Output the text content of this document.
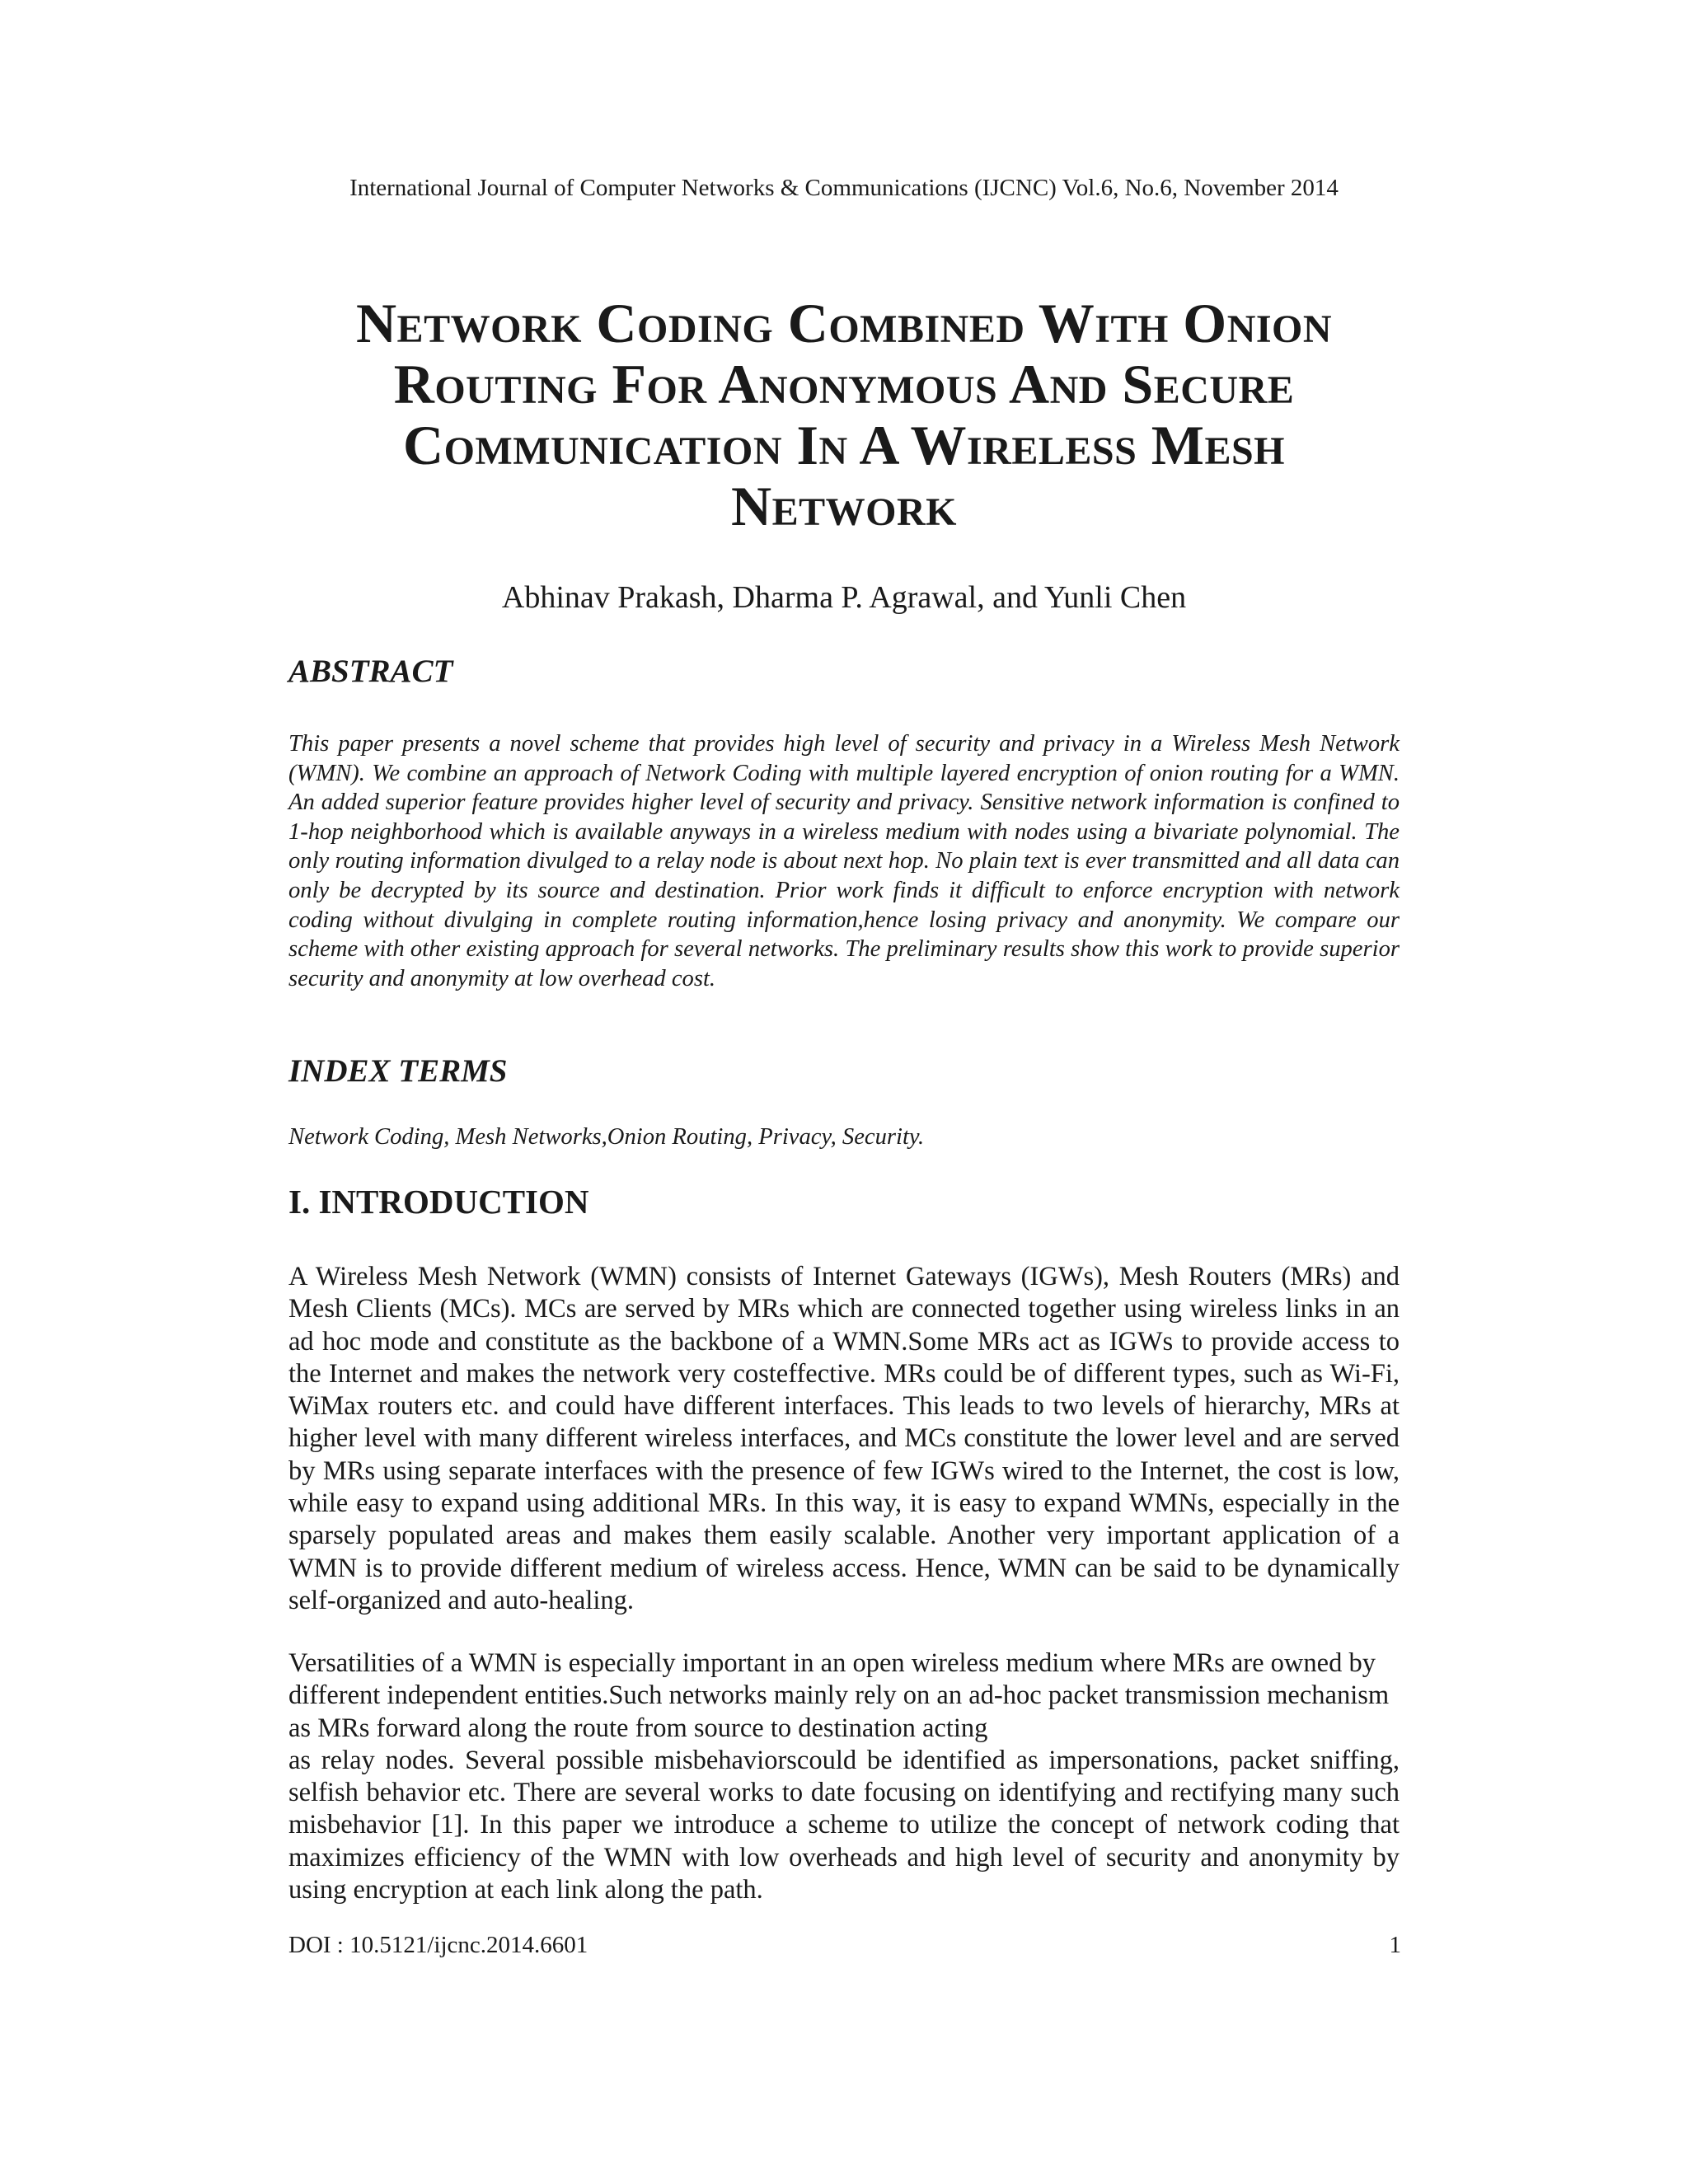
International Journal of Computer Networks & Communications (IJCNC) Vol.6, No.6, November 2014
Network Coding Combined With Onion
Routing For Anonymous And Secure
Communication In A Wireless Mesh
Network
Abhinav Prakash, Dharma P. Agrawal, and Yunli Chen
ABSTRACT
This paper presents a novel scheme that provides high level of security and privacy in a Wireless Mesh Network (WMN). We combine an approach of Network Coding with multiple layered encryption of onion routing for a WMN. An added superior feature provides higher level of security and privacy. Sensitive network information is confined to 1-hop neighborhood which is available anyways in a wireless medium with nodes using a bivariate polynomial. The only routing information divulged to a relay node is about next hop. No plain text is ever transmitted and all data can only be decrypted by its source and destination. Prior work finds it difficult to enforce encryption with network coding without divulging in complete routing information,hence losing privacy and anonymity. We compare our scheme with other existing approach for several networks. The preliminary results show this work to provide superior security and anonymity at low overhead cost.
INDEX TERMS
Network Coding, Mesh Networks,Onion Routing, Privacy, Security.
I. INTRODUCTION
A Wireless Mesh Network (WMN) consists of Internet Gateways (IGWs), Mesh Routers (MRs) and Mesh Clients (MCs). MCs are served by MRs which are connected together using wireless links in an ad hoc mode and constitute as the backbone of a WMN.Some MRs act as IGWs to provide access to the Internet and makes the network very costeffective. MRs could be of different types, such as Wi-Fi, WiMax routers etc. and could have different interfaces. This leads to two levels of hierarchy, MRs at higher level with many different wireless interfaces, and MCs constitute the lower level and are served by MRs using separate interfaces with the presence of few IGWs wired to the Internet, the cost is low, while easy to expand using additional MRs. In this way, it is easy to expand WMNs, especially in the sparsely populated areas and makes them easily scalable. Another very important application of a WMN is to provide different medium of wireless access. Hence, WMN can be said to be dynamically self-organized and auto-healing.
Versatilities of a WMN is especially important in an open wireless medium where MRs are owned by different independent entities.Such networks mainly rely on an ad-hoc packet transmission mechanism as MRs forward along the route from source to destination acting
as relay nodes. Several possible misbehaviorscould be identified as impersonations, packet sniffing, selfish behavior etc. There are several works to date focusing on identifying and rectifying many such misbehavior [1]. In this paper we introduce a scheme to utilize the concept of network coding that maximizes efficiency of the WMN with low overheads and high level of security and anonymity by using encryption at each link along the path.
DOI : 10.5121/ijcnc.2014.6601	1
